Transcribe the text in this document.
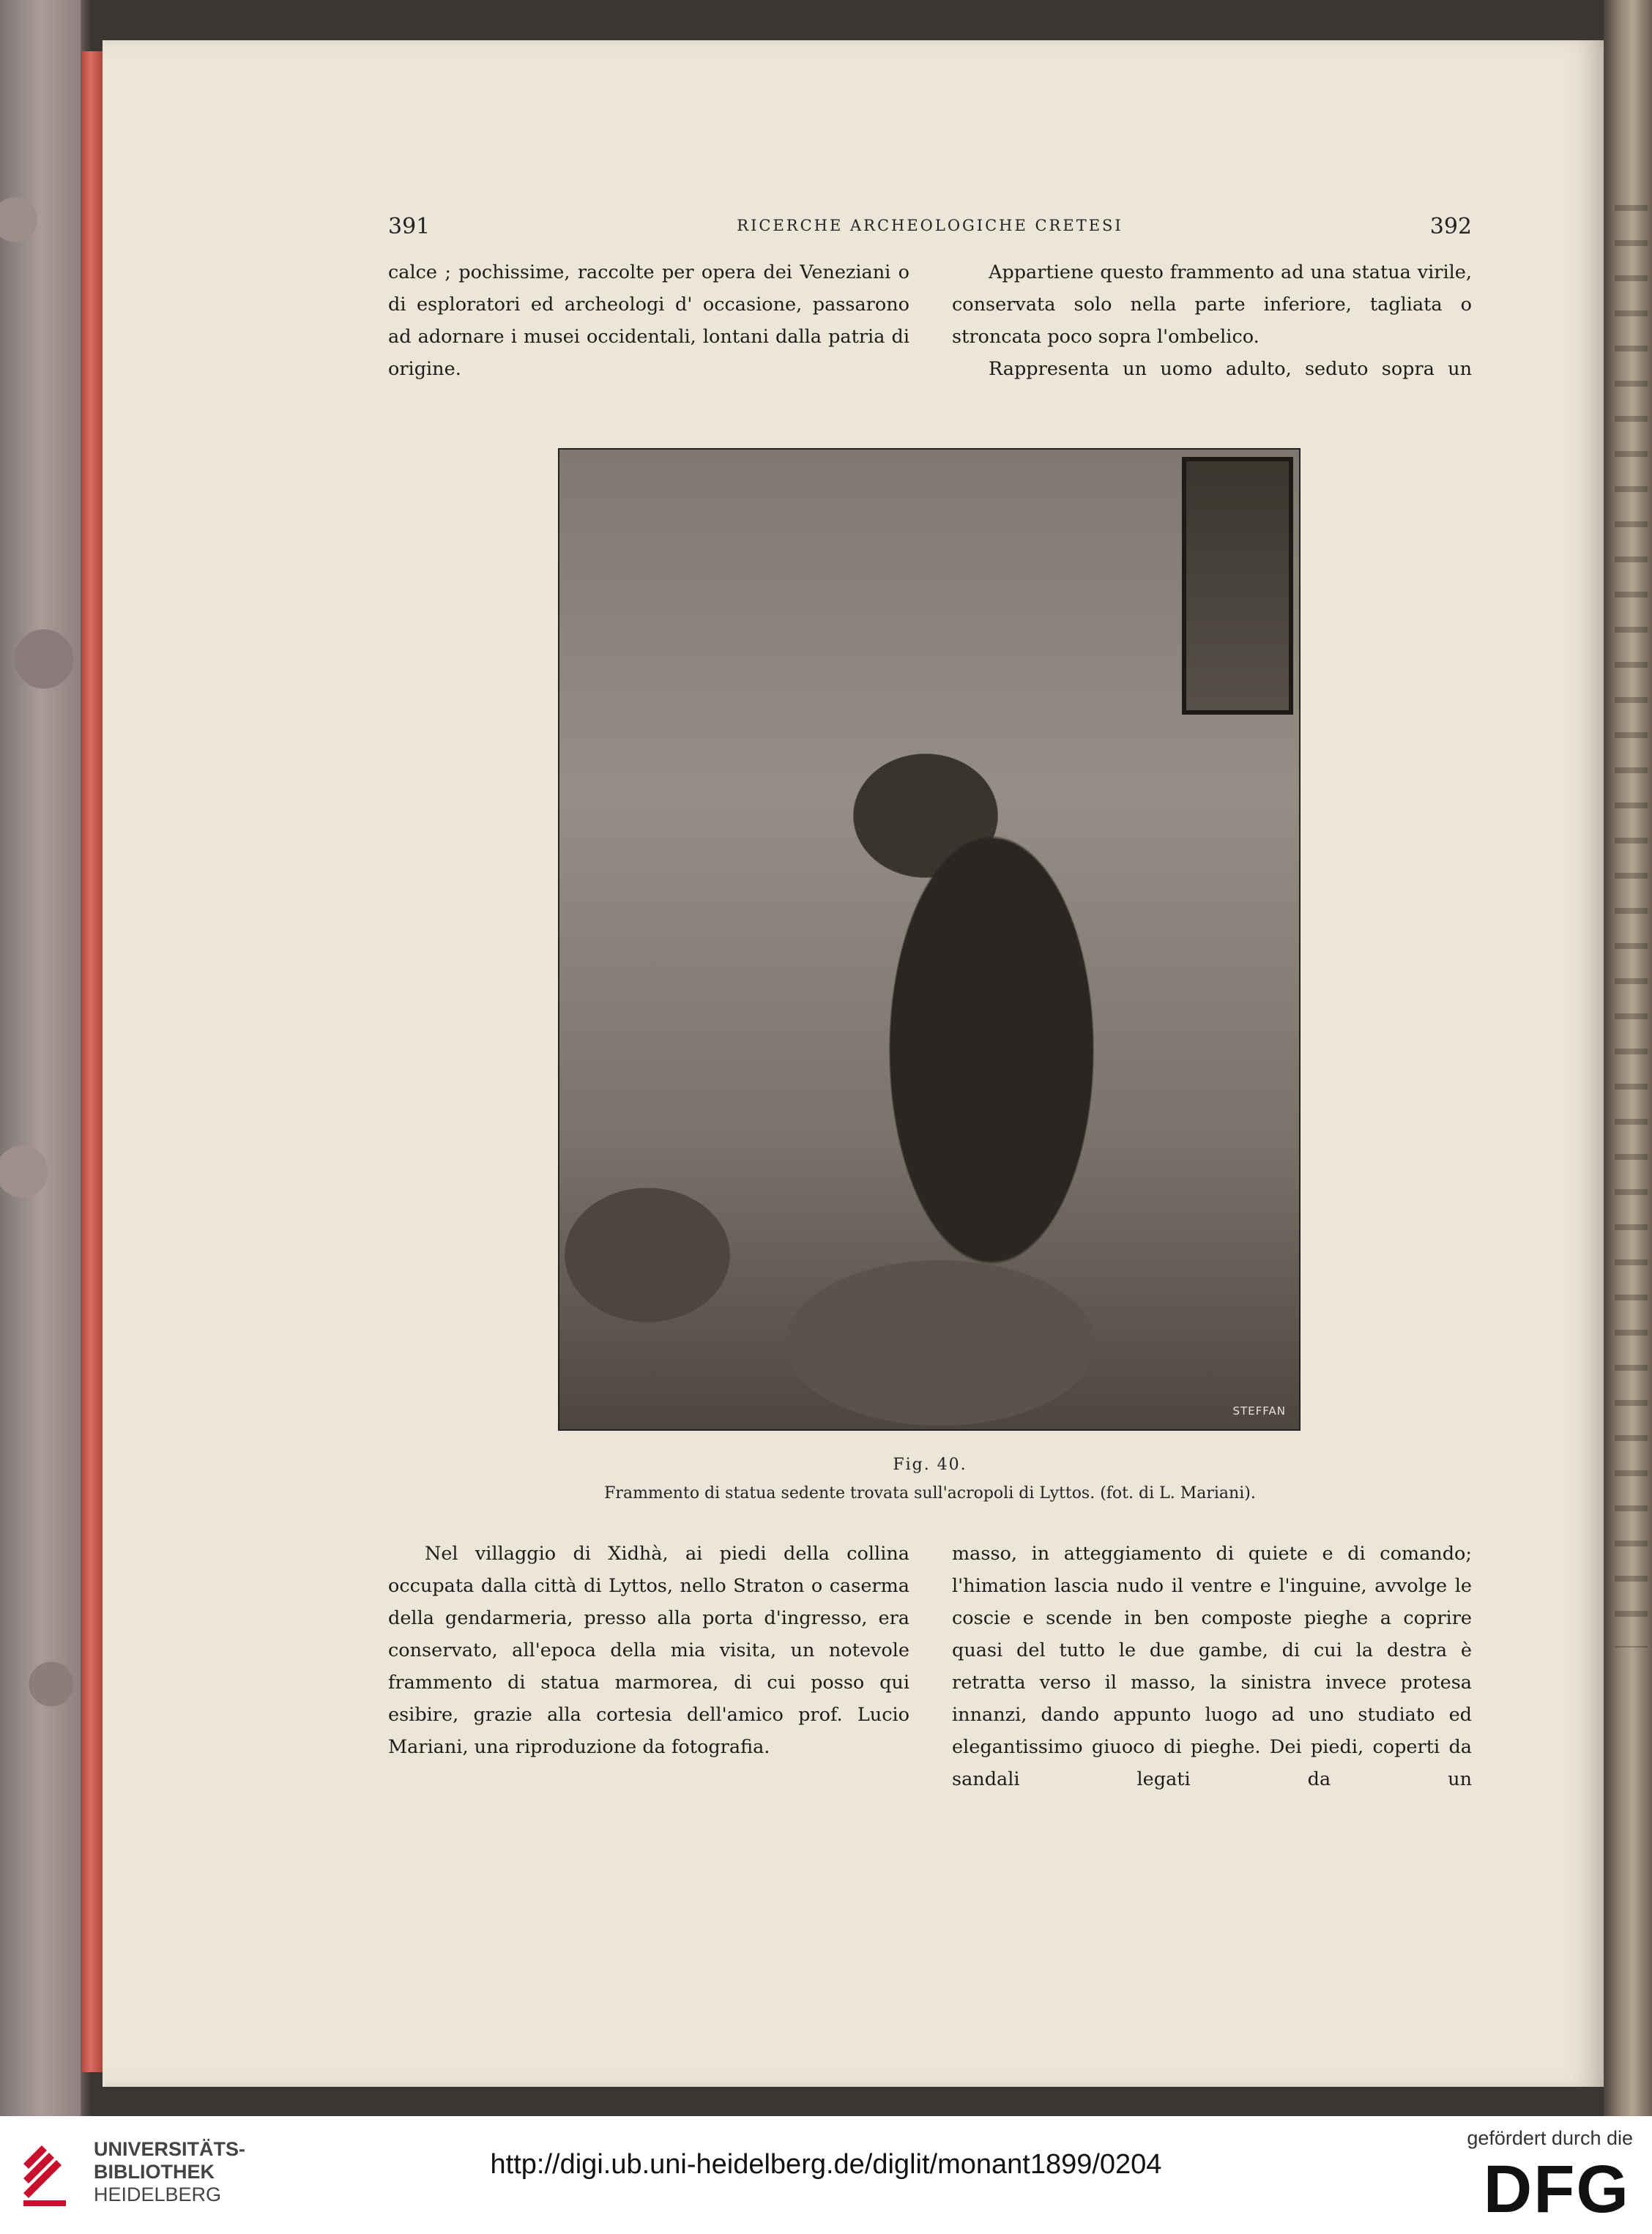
391	RICERCHE ARCHEOLOGICHE CRETESI	392

calce ; pochissime, raccolte per opera dei Veneziani o di esploratori ed archeologi d' occasione, passarono ad adornare i musei occidentali, lontani dalla patria di origine.

Appartiene questo frammento ad una statua virile, conservata solo nella parte inferiore, tagliata o stroncata poco sopra l'ombelico.

Rappresenta un uomo adulto, seduto sopra un

STEFFAN
Fig. 40.
Frammento di statua sedente trovata sull'acropoli di Lyttos. (fot. di L. Mariani).

Nel villaggio di Xidhà, ai piedi della collina occupata dalla città di Lyttos, nello Straton o caserma della gendarmeria, presso alla porta d'ingresso, era conservato, all'epoca della mia visita, un notevole frammento di statua marmorea, di cui posso qui esibire, grazie alla cortesia dell'amico prof. Lucio Mariani, una riproduzione da fotografia.

masso, in atteggiamento di quiete e di comando; l'himation lascia nudo il ventre e l'inguine, avvolge le coscie e scende in ben composte pieghe a coprire quasi del tutto le due gambe, di cui la destra è retratta verso il masso, la sinistra invece protesa innanzi, dando appunto luogo ad uno studiato ed elegantissimo giuoco di pieghe. Dei piedi, coperti da sandali legati da un

UNIVERSITÄTS-
BIBLIOTHEK
HEIDELBERG
http://digi.ub.uni-heidelberg.de/diglit/monant1899/0204
gefördert durch die
DFG
